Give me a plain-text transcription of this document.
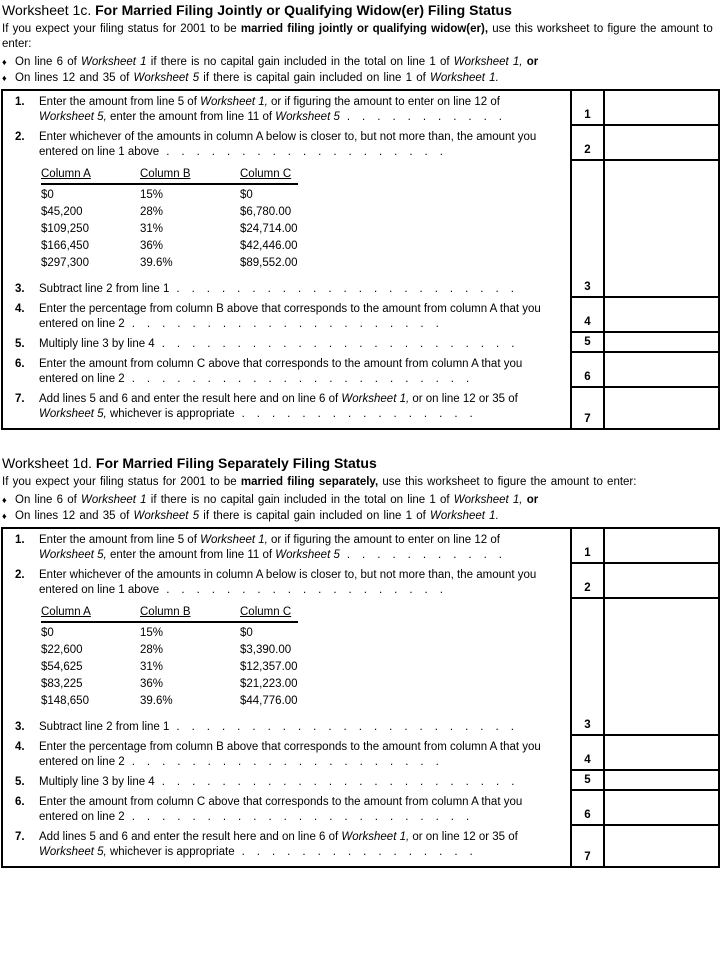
Worksheet 1c. For Married Filing Jointly or Qualifying Widow(er) Filing Status

If you expect your filing status for 2001 to be married filing jointly or qualifying widow(er), use this worksheet to figure the amount to enter:

♦ On line 6 of Worksheet 1 if there is no capital gain included in the total on line 1 of Worksheet 1, or
♦ On lines 12 and 35 of Worksheet 5 if there is capital gain included on line 1 of Worksheet 1.
1. Enter the amount from line 5 of Worksheet 1, or if figuring the amount to enter on line 12 of Worksheet 5, enter the amount from line 11 of Worksheet 5 ...........	1
2. Enter whichever of the amounts in column A below is closer to, but not more than, the amount you entered on line 1 above ...................	2
Column A	Column B	Column C
$0	15%	$0
$45,200	28%	$6,780.00
$109,250	31%	$24,714.00
$166,450	36%	$42,446.00
$297,300	39.6%	$89,552.00
3. Subtract line 2 from line 1 .......................	3
4. Enter the percentage from column B above that corresponds to the amount from column A that you entered on line 2 .....................	4
5. Multiply line 3 by line 4 ........................	5
6. Enter the amount from column C above that corresponds to the amount from column A that you entered on line 2 .......................	6
7. Add lines 5 and 6 and enter the result here and on line 6 of Worksheet 1, or on line 12 or 35 of Worksheet 5, whichever is appropriate ................	7
Worksheet 1d. For Married Filing Separately Filing Status

If you expect your filing status for 2001 to be married filing separately, use this worksheet to figure the amount to enter:

♦ On line 6 of Worksheet 1 if there is no capital gain included in the total on line 1 of Worksheet 1, or
♦ On lines 12 and 35 of Worksheet 5 if there is capital gain included on line 1 of Worksheet 1.
1. Enter the amount from line 5 of Worksheet 1, or if figuring the amount to enter on line 12 of Worksheet 5, enter the amount from line 11 of Worksheet 5 ...........	1
2. Enter whichever of the amounts in column A below is closer to, but not more than, the amount you entered on line 1 above ...................	2
Column A	Column B	Column C
$0	15%	$0
$22,600	28%	$3,390.00
$54,625	31%	$12,357.00
$83,225	36%	$21,223.00
$148,650	39.6%	$44,776.00
3. Subtract line 2 from line 1 .......................	3
4. Enter the percentage from column B above that corresponds to the amount from column A that you entered on line 2 .....................	4
5. Multiply line 3 by line 4 ........................	5
6. Enter the amount from column C above that corresponds to the amount from column A that you entered on line 2 .......................	6
7. Add lines 5 and 6 and enter the result here and on line 6 of Worksheet 1, or on line 12 or 35 of Worksheet 5, whichever is appropriate ................	7
